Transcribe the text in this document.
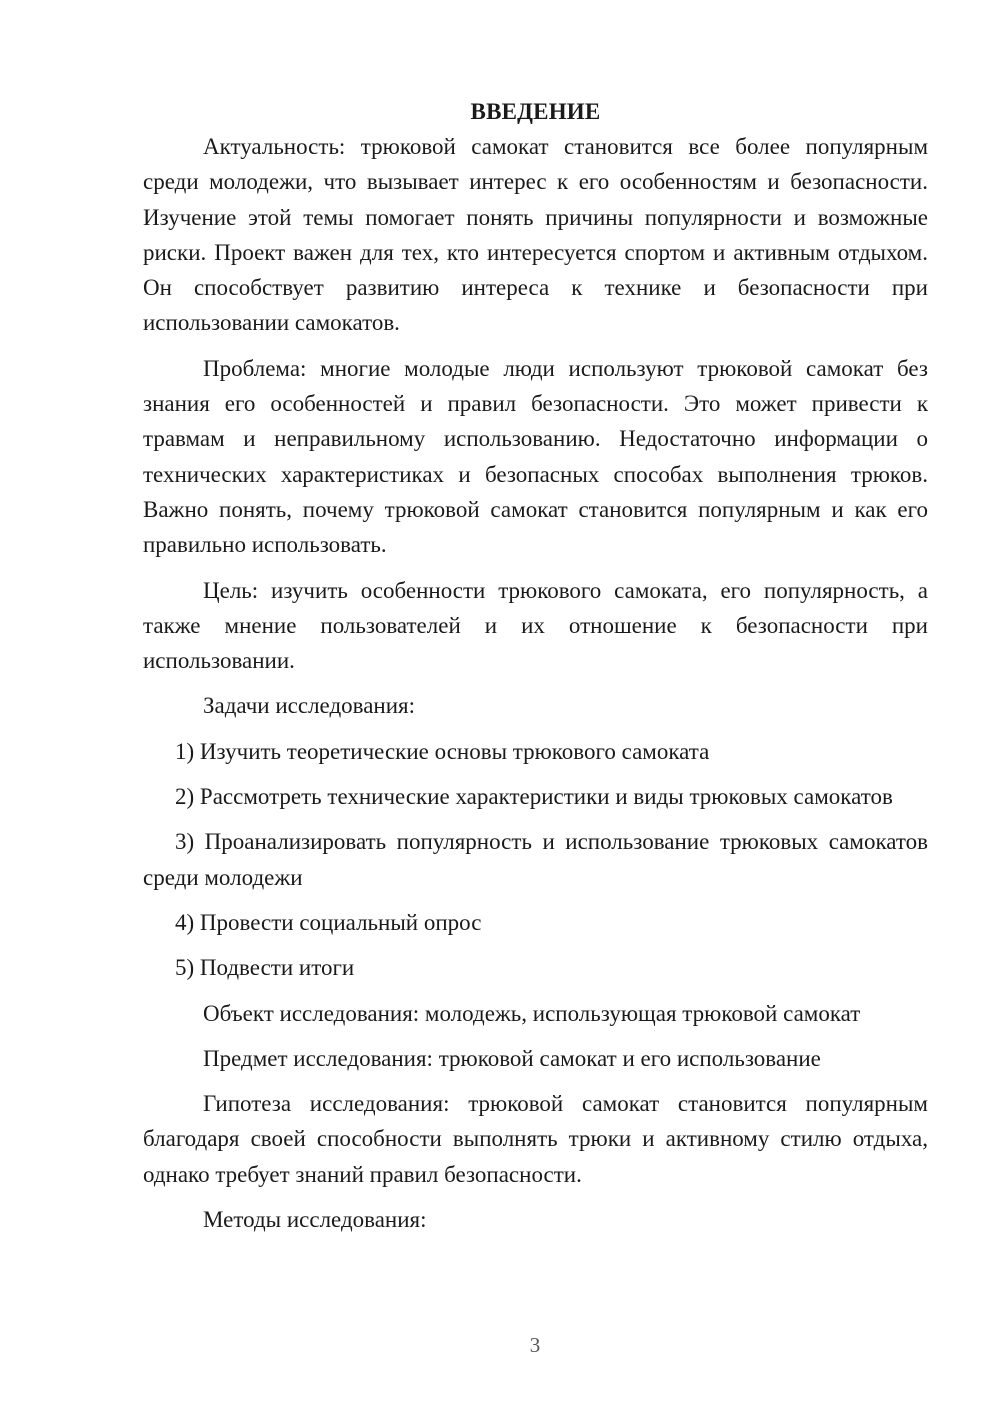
ВВЕДЕНИЕ

Актуальность: трюковой самокат становится все более популярным среди молодежи, что вызывает интерес к его особенностям и безопасности. Изучение этой темы помогает понять причины популярности и возможные риски. Проект важен для тех, кто интересуется спортом и активным отдыхом. Он способствует развитию интереса к технике и безопасности при использовании самокатов.

Проблема: многие молодые люди используют трюковой самокат без знания его особенностей и правил безопасности. Это может привести к травмам и неправильному использованию. Недостаточно информации о технических характеристиках и безопасных способах выполнения трюков. Важно понять, почему трюковой самокат становится популярным и как его правильно использовать.

Цель: изучить особенности трюкового самоката, его популярность, а также мнение пользователей и их отношение к безопасности при использовании.

Задачи исследования:

1) Изучить теоретические основы трюкового самоката

2) Рассмотреть технические характеристики и виды трюковых самокатов

3) Проанализировать популярность и использование трюковых самокатов среди молодежи

4) Провести социальный опрос

5) Подвести итоги

Объект исследования: молодежь, использующая трюковой самокат

Предмет исследования: трюковой самокат и его использование

Гипотеза исследования: трюковой самокат становится популярным благодаря своей способности выполнять трюки и активному стилю отдыха, однако требует знаний правил безопасности.

Методы исследования:

3
